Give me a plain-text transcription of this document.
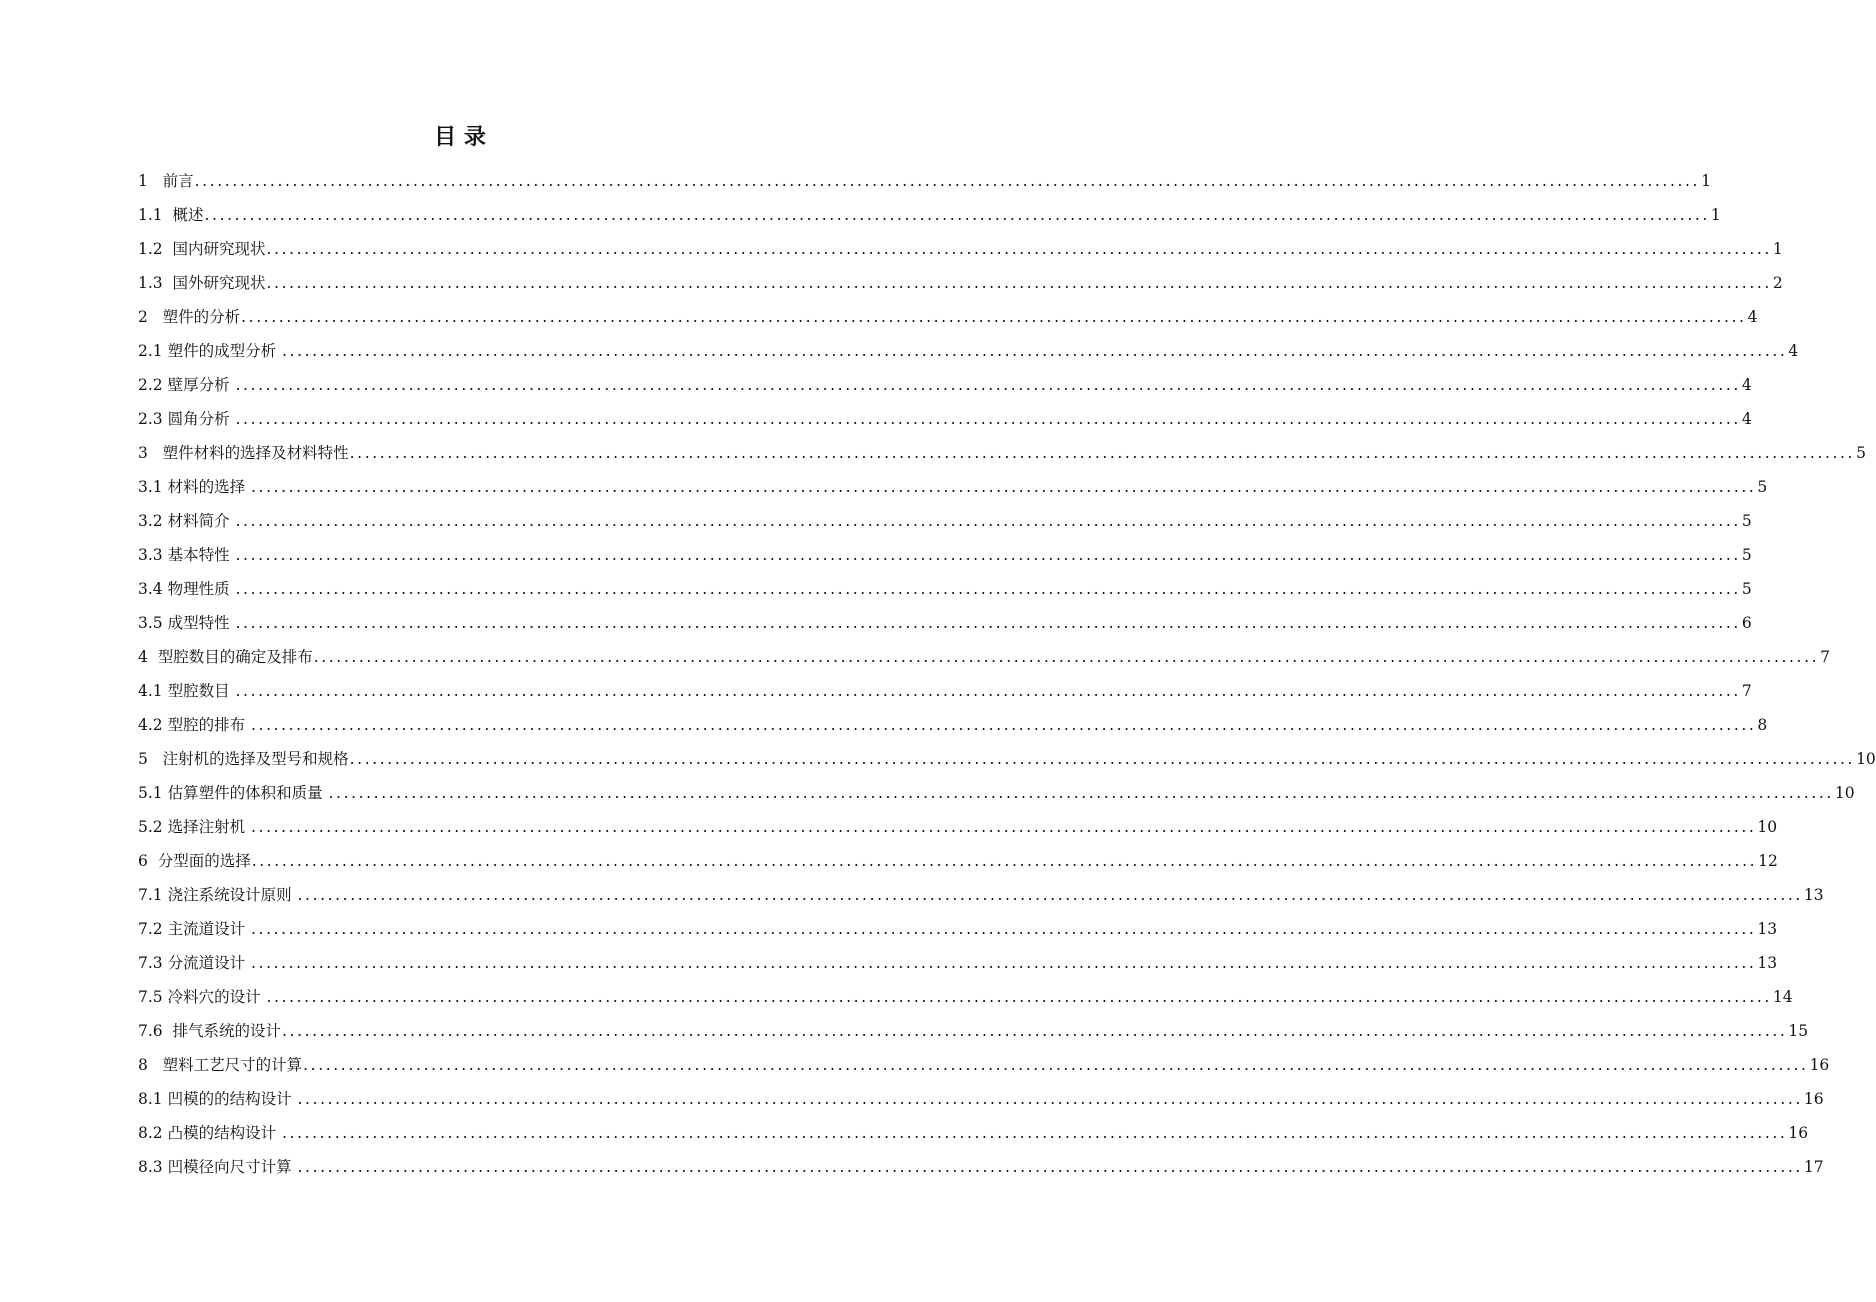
目 录
1   前言 ........................................................................................................................................................................................................ 1
1.1  概述 ........................................................................................................................................................................................................ 1
1.2  国内研究现状 ........................................................................................................................................................................................................ 1
1.3  国外研究现状 ........................................................................................................................................................................................................ 2
2   塑件的分析 ........................................................................................................................................................................................................ 4
2.1 塑件的成型分析 ........................................................................................................................................................................................................ 4
2.2 壁厚分析 ........................................................................................................................................................................................................ 4
2.3 圆角分析 ........................................................................................................................................................................................................ 4
3   塑件材料的选择及材料特性 ........................................................................................................................................................................................................ 5
3.1 材料的选择 ........................................................................................................................................................................................................ 5
3.2 材料简介 ........................................................................................................................................................................................................ 5
3.3 基本特性 ........................................................................................................................................................................................................ 5
3.4 物理性质 ........................................................................................................................................................................................................ 5
3.5 成型特性 ........................................................................................................................................................................................................ 6
4  型腔数目的确定及排布 ........................................................................................................................................................................................................ 7
4.1 型腔数目 ........................................................................................................................................................................................................ 7
4.2 型腔的排布 ........................................................................................................................................................................................................ 8
5   注射机的选择及型号和规格 ........................................................................................................................................................................................................ 10
5.1 估算塑件的体积和质量 ........................................................................................................................................................................................................ 10
5.2 选择注射机 ........................................................................................................................................................................................................ 10
6  分型面的选择 ........................................................................................................................................................................................................ 12
7.1 浇注系统设计原则 ........................................................................................................................................................................................................ 13
7.2 主流道设计 ........................................................................................................................................................................................................ 13
7.3 分流道设计 ........................................................................................................................................................................................................ 13
7.5 冷料穴的设计 ........................................................................................................................................................................................................ 14
7.6  排气系统的设计 ........................................................................................................................................................................................................ 15
8   塑料工艺尺寸的计算 ........................................................................................................................................................................................................ 16
8.1 凹模的的结构设计 ........................................................................................................................................................................................................ 16
8.2 凸模的结构设计 ........................................................................................................................................................................................................ 16
8.3 凹模径向尺寸计算 ........................................................................................................................................................................................................ 17
